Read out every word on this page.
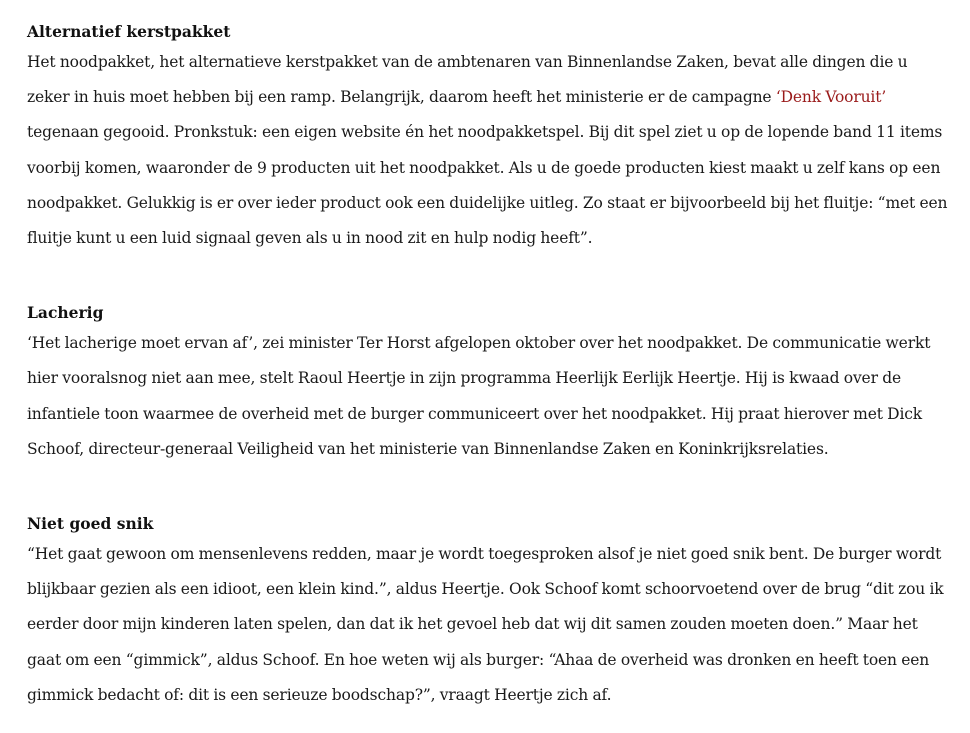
Alternatief kerstpakket

Het noodpakket, het alternatieve kerstpakket van de ambtenaren van Binnenlandse Zaken, bevat alle dingen die u zeker in huis moet hebben bij een ramp. Belangrijk, daarom heeft het ministerie er de campagne ‘Denk Vooruit’ tegenaan gegooid. Pronkstuk: een eigen website én het noodpakketspel. Bij dit spel ziet u op de lopende band 11 items voorbij komen, waaronder de 9 producten uit het noodpakket. Als u de goede producten kiest maakt u zelf kans op een noodpakket. Gelukkig is er over ieder product ook een duidelijke uitleg. Zo staat er bijvoorbeeld bij het fluitje: “met een fluitje kunt u een luid signaal geven als u in nood zit en hulp nodig heeft”.

Lacherig

‘Het lacherige moet ervan af’, zei minister Ter Horst afgelopen oktober over het noodpakket. De communicatie werkt hier vooralsnog niet aan mee, stelt Raoul Heertje in zijn programma Heerlijk Eerlijk Heertje. Hij is kwaad over de infantiele toon waarmee de overheid met de burger communiceert over het noodpakket. Hij praat hierover met Dick Schoof, directeur-generaal Veiligheid van het ministerie van Binnenlandse Zaken en Koninkrijksrelaties.

Niet goed snik

“Het gaat gewoon om mensenlevens redden, maar je wordt toegesproken alsof je niet goed snik bent. De burger wordt blijkbaar gezien als een idioot, een klein kind.”, aldus Heertje. Ook Schoof komt schoorvoetend over de brug “dit zou ik eerder door mijn kinderen laten spelen, dan dat ik het gevoel heb dat wij dit samen zouden moeten doen.” Maar het gaat om een “gimmick”, aldus Schoof. En hoe weten wij als burger: “Ahaa de overheid was dronken en heeft toen een gimmick bedacht of: dit is een serieuze boodschap?”, vraagt Heertje zich af.
